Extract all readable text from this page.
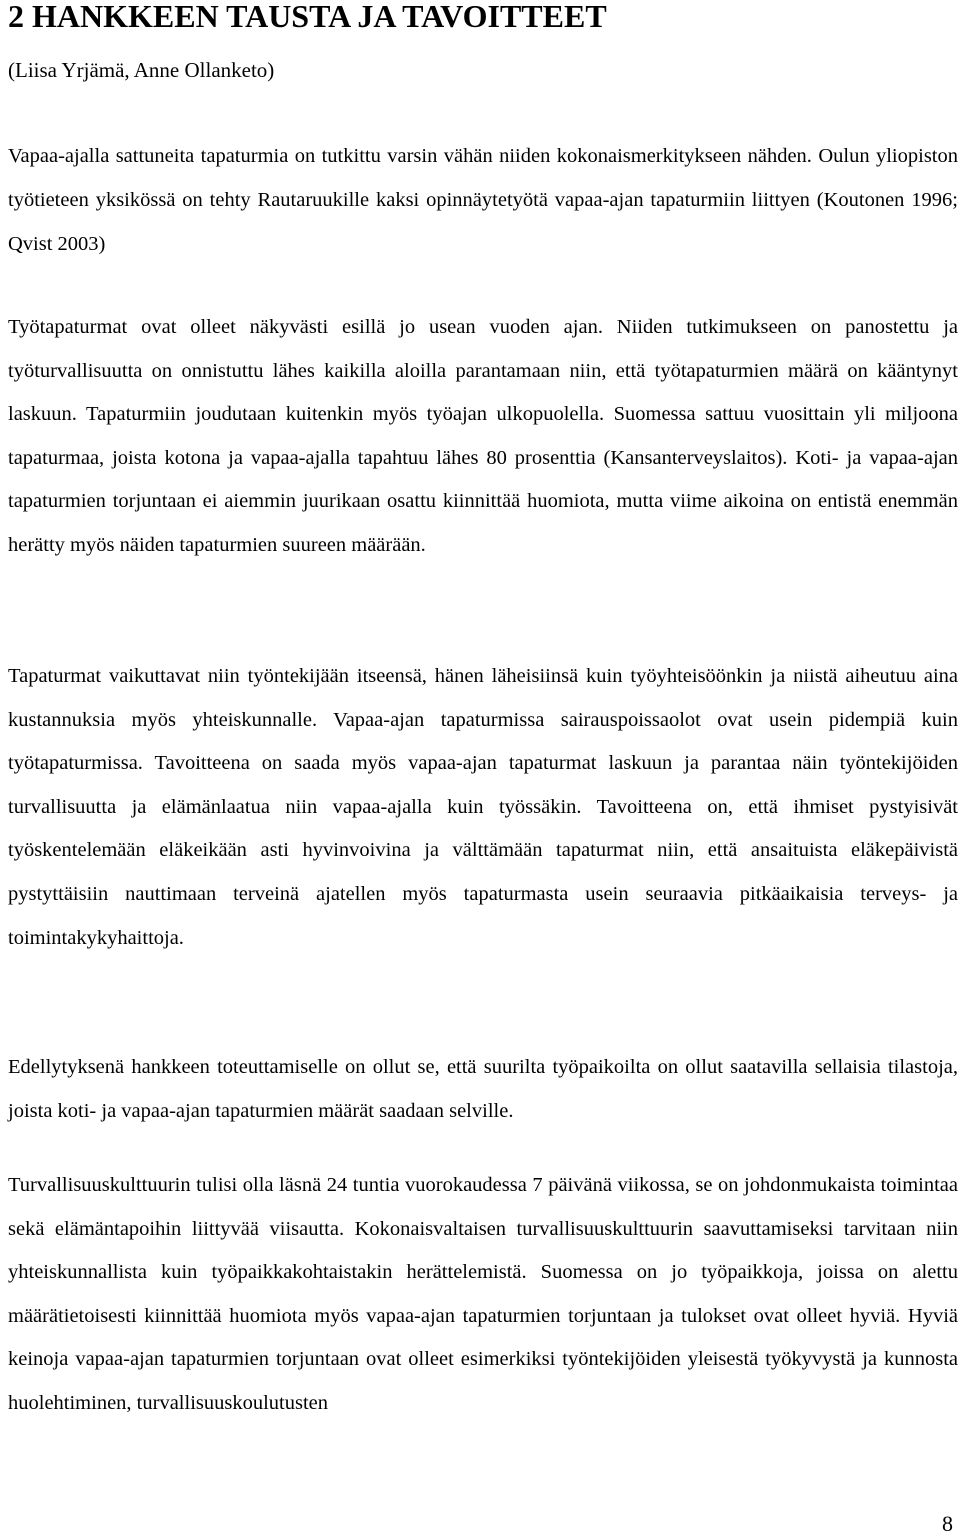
2 HANKKEEN TAUSTA JA TAVOITTEET

(Liisa Yrjämä, Anne Ollanketo)

Vapaa-ajalla sattuneita tapaturmia on tutkittu varsin vähän niiden kokonaismerkitykseen nähden. Oulun yliopiston työtieteen yksikössä on tehty Rautaruukille kaksi opinnäytetyötä vapaa-ajan tapaturmiin liittyen (Koutonen 1996; Qvist 2003)

Työtapaturmat ovat olleet näkyvästi esillä jo usean vuoden ajan. Niiden tutkimukseen on panostettu ja työturvallisuutta on onnistuttu lähes kaikilla aloilla parantamaan niin, että työtapaturmien määrä on kääntynyt laskuun. Tapaturmiin joudutaan kuitenkin myös työajan ulkopuolella. Suomessa sattuu vuosittain yli miljoona tapaturmaa, joista kotona ja vapaa-ajalla tapahtuu lähes 80 prosenttia (Kansanterveyslaitos). Koti- ja vapaa-ajan tapaturmien torjuntaan ei aiemmin juurikaan osattu kiinnittää huomiota, mutta viime aikoina on entistä enemmän herätty myös näiden tapaturmien suureen määrään.

Tapaturmat vaikuttavat niin työntekijään itseensä, hänen läheisiinsä kuin työyhteisöönkin ja niistä aiheutuu aina kustannuksia myös yhteiskunnalle. Vapaa-ajan tapaturmissa sairauspoissaolot ovat usein pidempiä kuin työtapaturmissa. Tavoitteena on saada myös vapaa-ajan tapaturmat laskuun ja parantaa näin työntekijöiden turvallisuutta ja elämänlaatua niin vapaa-ajalla kuin työssäkin. Tavoitteena on, että ihmiset pystyisivät työskentelemään eläkeikään asti hyvinvoivina ja välttämään tapaturmat niin, että ansaituista eläkepäivistä pystyttäisiin nauttimaan terveinä ajatellen myös tapaturmasta usein seuraavia pitkäaikaisia terveys- ja toimintakykyhaittoja.

Edellytyksenä hankkeen toteuttamiselle on ollut se, että suurilta työpaikoilta on ollut saatavilla sellaisia tilastoja, joista koti- ja vapaa-ajan tapaturmien määrät saadaan selville.

Turvallisuuskulttuurin tulisi olla läsnä 24 tuntia vuorokaudessa 7 päivänä viikossa, se on johdonmukaista toimintaa sekä elämäntapoihin liittyvää viisautta. Kokonaisvaltaisen turvallisuuskulttuurin saavuttamiseksi tarvitaan niin yhteiskunnallista kuin työpaikkakohtaistakin herättelemistä. Suomessa on jo työpaikkoja, joissa on alettu määrätietoisesti kiinnittää huomiota myös vapaa-ajan tapaturmien torjuntaan ja tulokset ovat olleet hyviä. Hyviä keinoja vapaa-ajan tapaturmien torjuntaan ovat olleet esimerkiksi työntekijöiden yleisestä työkyvystä ja kunnosta huolehtiminen, turvallisuuskoulutusten

8
